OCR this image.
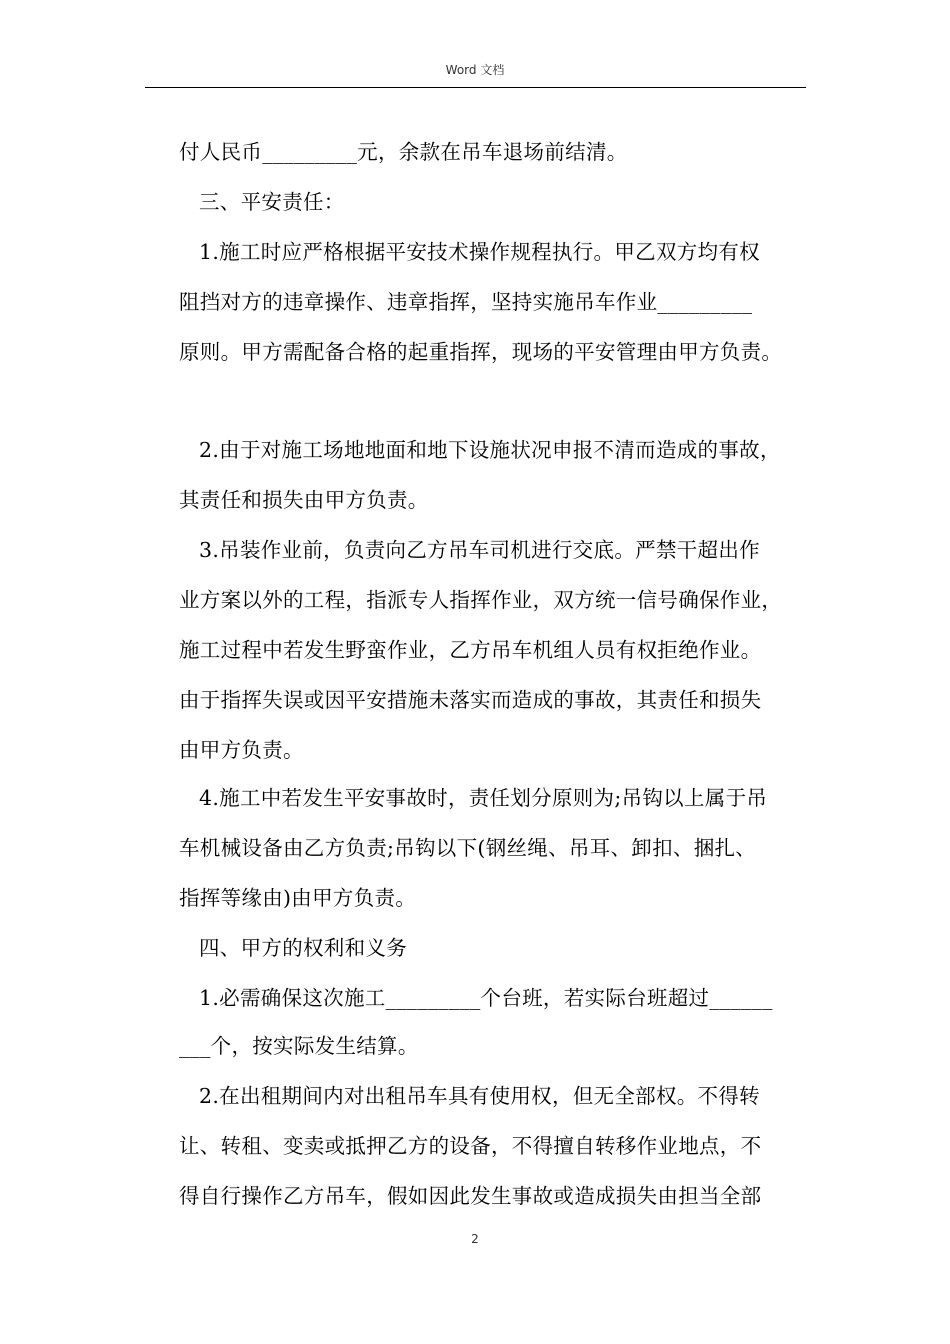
Word 文档
付人民币_________元，余款在吊车退场前结清。
三、平安责任：
1.施工时应严格根据平安技术操作规程执行。甲乙双方均有权
阻挡对方的违章操作、违章指挥，坚持实施吊车作业_________
原则。甲方需配备合格的起重指挥，现场的平安管理由甲方负责。
2.由于对施工场地地面和地下设施状况申报不清而造成的事故，
其责任和损失由甲方负责。
3.吊装作业前，负责向乙方吊车司机进行交底。严禁干超出作
业方案以外的工程，指派专人指挥作业，双方统一信号确保作业，
施工过程中若发生野蛮作业，乙方吊车机组人员有权拒绝作业。
由于指挥失误或因平安措施未落实而造成的事故，其责任和损失
由甲方负责。
4.施工中若发生平安事故时，责任划分原则为;吊钩以上属于吊
车机械设备由乙方负责;吊钩以下(钢丝绳、吊耳、卸扣、捆扎、
指挥等缘由)由甲方负责。
四、甲方的权利和义务
1.必需确保这次施工_________个台班，若实际台班超过______
___个，按实际发生结算。
2.在出租期间内对出租吊车具有使用权，但无全部权。不得转
让、转租、变卖或抵押乙方的设备，不得擅自转移作业地点，不
得自行操作乙方吊车，假如因此发生事故或造成损失由担当全部
2
